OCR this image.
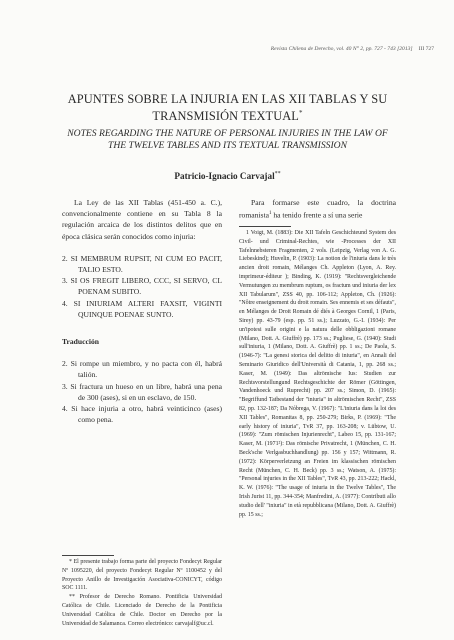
Revista Chilena de Derecho, vol. 40 N° 2, pp. 727 - 743 [2013] III 727
APUNTES SOBRE LA INJURIA EN LAS XII TABLAS Y SU TRANSMISIÓN TEXTUAL*
NOTES REGARDING THE NATURE OF PERSONAL INJURIES IN THE LAW OF THE TWELVE TABLES AND ITS TEXTUAL TRANSMISSION
Patricio-Ignacio Carvajal**

La Ley de las XII Tablas (451-450 a. C.), convencionalmente contiene en su Tabla 8 la regulación arcaica de los distintos delitos que en época clásica serán conocidos como injuria:

2. SI MEMBRUM RUPSIT, NI CUM EO PACIT, TALIO ESTO.
3. SI OS FREGIT LIBERO, CCC, SI SERVO, CL POENAM SUBITO.
4. SI INIURIAM ALTERI FAXSIT, VIGINTI QUINQUE POENAE SUNTO.
Traducción
2. Si rompe un miembro, y no pacta con él, habrá talión.
3. Si fractura un hueso en un libre, habrá una pena de 300 (ases), si en un esclavo, de 150.
4. Si hace injuria a otro, habrá veinticinco (ases) como pena.

Para formarse este cuadro, la doctrina romanista$^1$ ha tenido frente a sí una serie

1 Voigt, M. (1883): Die XII Tafeln Geschichteund System des Civil- und Criminal-Rechtes, wie -Processes der XII Tafelnnebsteren Fragmenten, 2 vols. (Leipzig, Verlag von A. G. Liebeskind); Huvelin, P. (1903): La notion de l'iniuria dans le très ancien droit romain, Mélanges Ch. Appleton (Lyon, A. Rey. imprimeur-éditeur ); Binding, K. (1919): "Rechtsvergleichende Vermutungen zu membrum ruptum, os fractum und iniuria der lex XII Tabularum", ZSS 40, pp. 106-112; Appleton, Ch. (1926): "Nôtre enseignement du droit romain. Ses ennemis et ses défauts", en Mélanges de Droit Romain dé diés à Georges Cornil, 1 (Paris, Sirey) pp. 43-79 (esp. pp. 51 ss.); Luzzato, G.-I. (1934): Per un'ipotesi sulle origini e la natura delle obbligazioni romane (Milano, Dott. A. Giuffrè) pp. 173 ss.; Pugliese, G. (1940): Studi sull'iniuria, 1 (Milano, Dott. A. Giuffrè) pp. 1 ss.; De Paola, S. (1946-7): "La genesi storica del delitto di iniuria", en Annali del Seminario Giuridico dell'Università di Catania, 1, pp. 268 ss.; Kaser, M. (1949): Das altrömische Ius: Studien zur Rechtsvorstellungund Rechtsgeschichte der Römer (Göttingen, Vandenhoeck und Ruprecht) pp. 207 ss.; Simon, D. (1965): "Begriffund Tatbestand der "iniuria" in altrömischen Recht", ZSS 82, pp. 132-187; Da Nóbrega, V. (1967): "L'iniuria dans la loi des XII Tables", Romanitas 8, pp. 250-279; Birks, P. (1969): "The early history of iniuria", TvR 37, pp. 163-208; v. Lübtow, U. (1969): "Zum römischen Injurienrecht", Labeo 15, pp. 131-167; Kaser, M. (1971²): Das römische Privatrecht, 1 (München, C. H. Beck'sche Verlgasbuchhandlung) pp. 156 y 157; Wittmann, R. (1972): Körperverletzung an Freien im klassischen römischen Recht (München, C. H. Beck) pp. 3 ss.; Watson, A. (1975): "Personal injuries in the XII Tables", TvR 43, pp. 213-222; Hackl, K. W. (1976): "The usage of iniuria in the Twelve Tables", The Irish Jurist 11, pp. 344-354; Manfredini, A. (1977): Contributi allo studio dell' "iniuria" in età repubblicana (Milano, Dott. A. Giuffrè) pp. 15 ss.;

* El presente trabajo forma parte del proyecto Fondecyt Regular Nº 1095220, del proyecto Fondecyt Regular Nº 1100452 y del Proyecto Anillo de Investigación Asociativa-CONICYT, código SOC 1111.

** Profesor de Derecho Romano. Pontificia Universidad Católica de Chile. Licenciado de Derecho de la Pontificia Universidad Católica de Chile. Doctor en Derecho por la Universidad de Salamanca. Correo electrónico: carvajalf@uc.cl.
